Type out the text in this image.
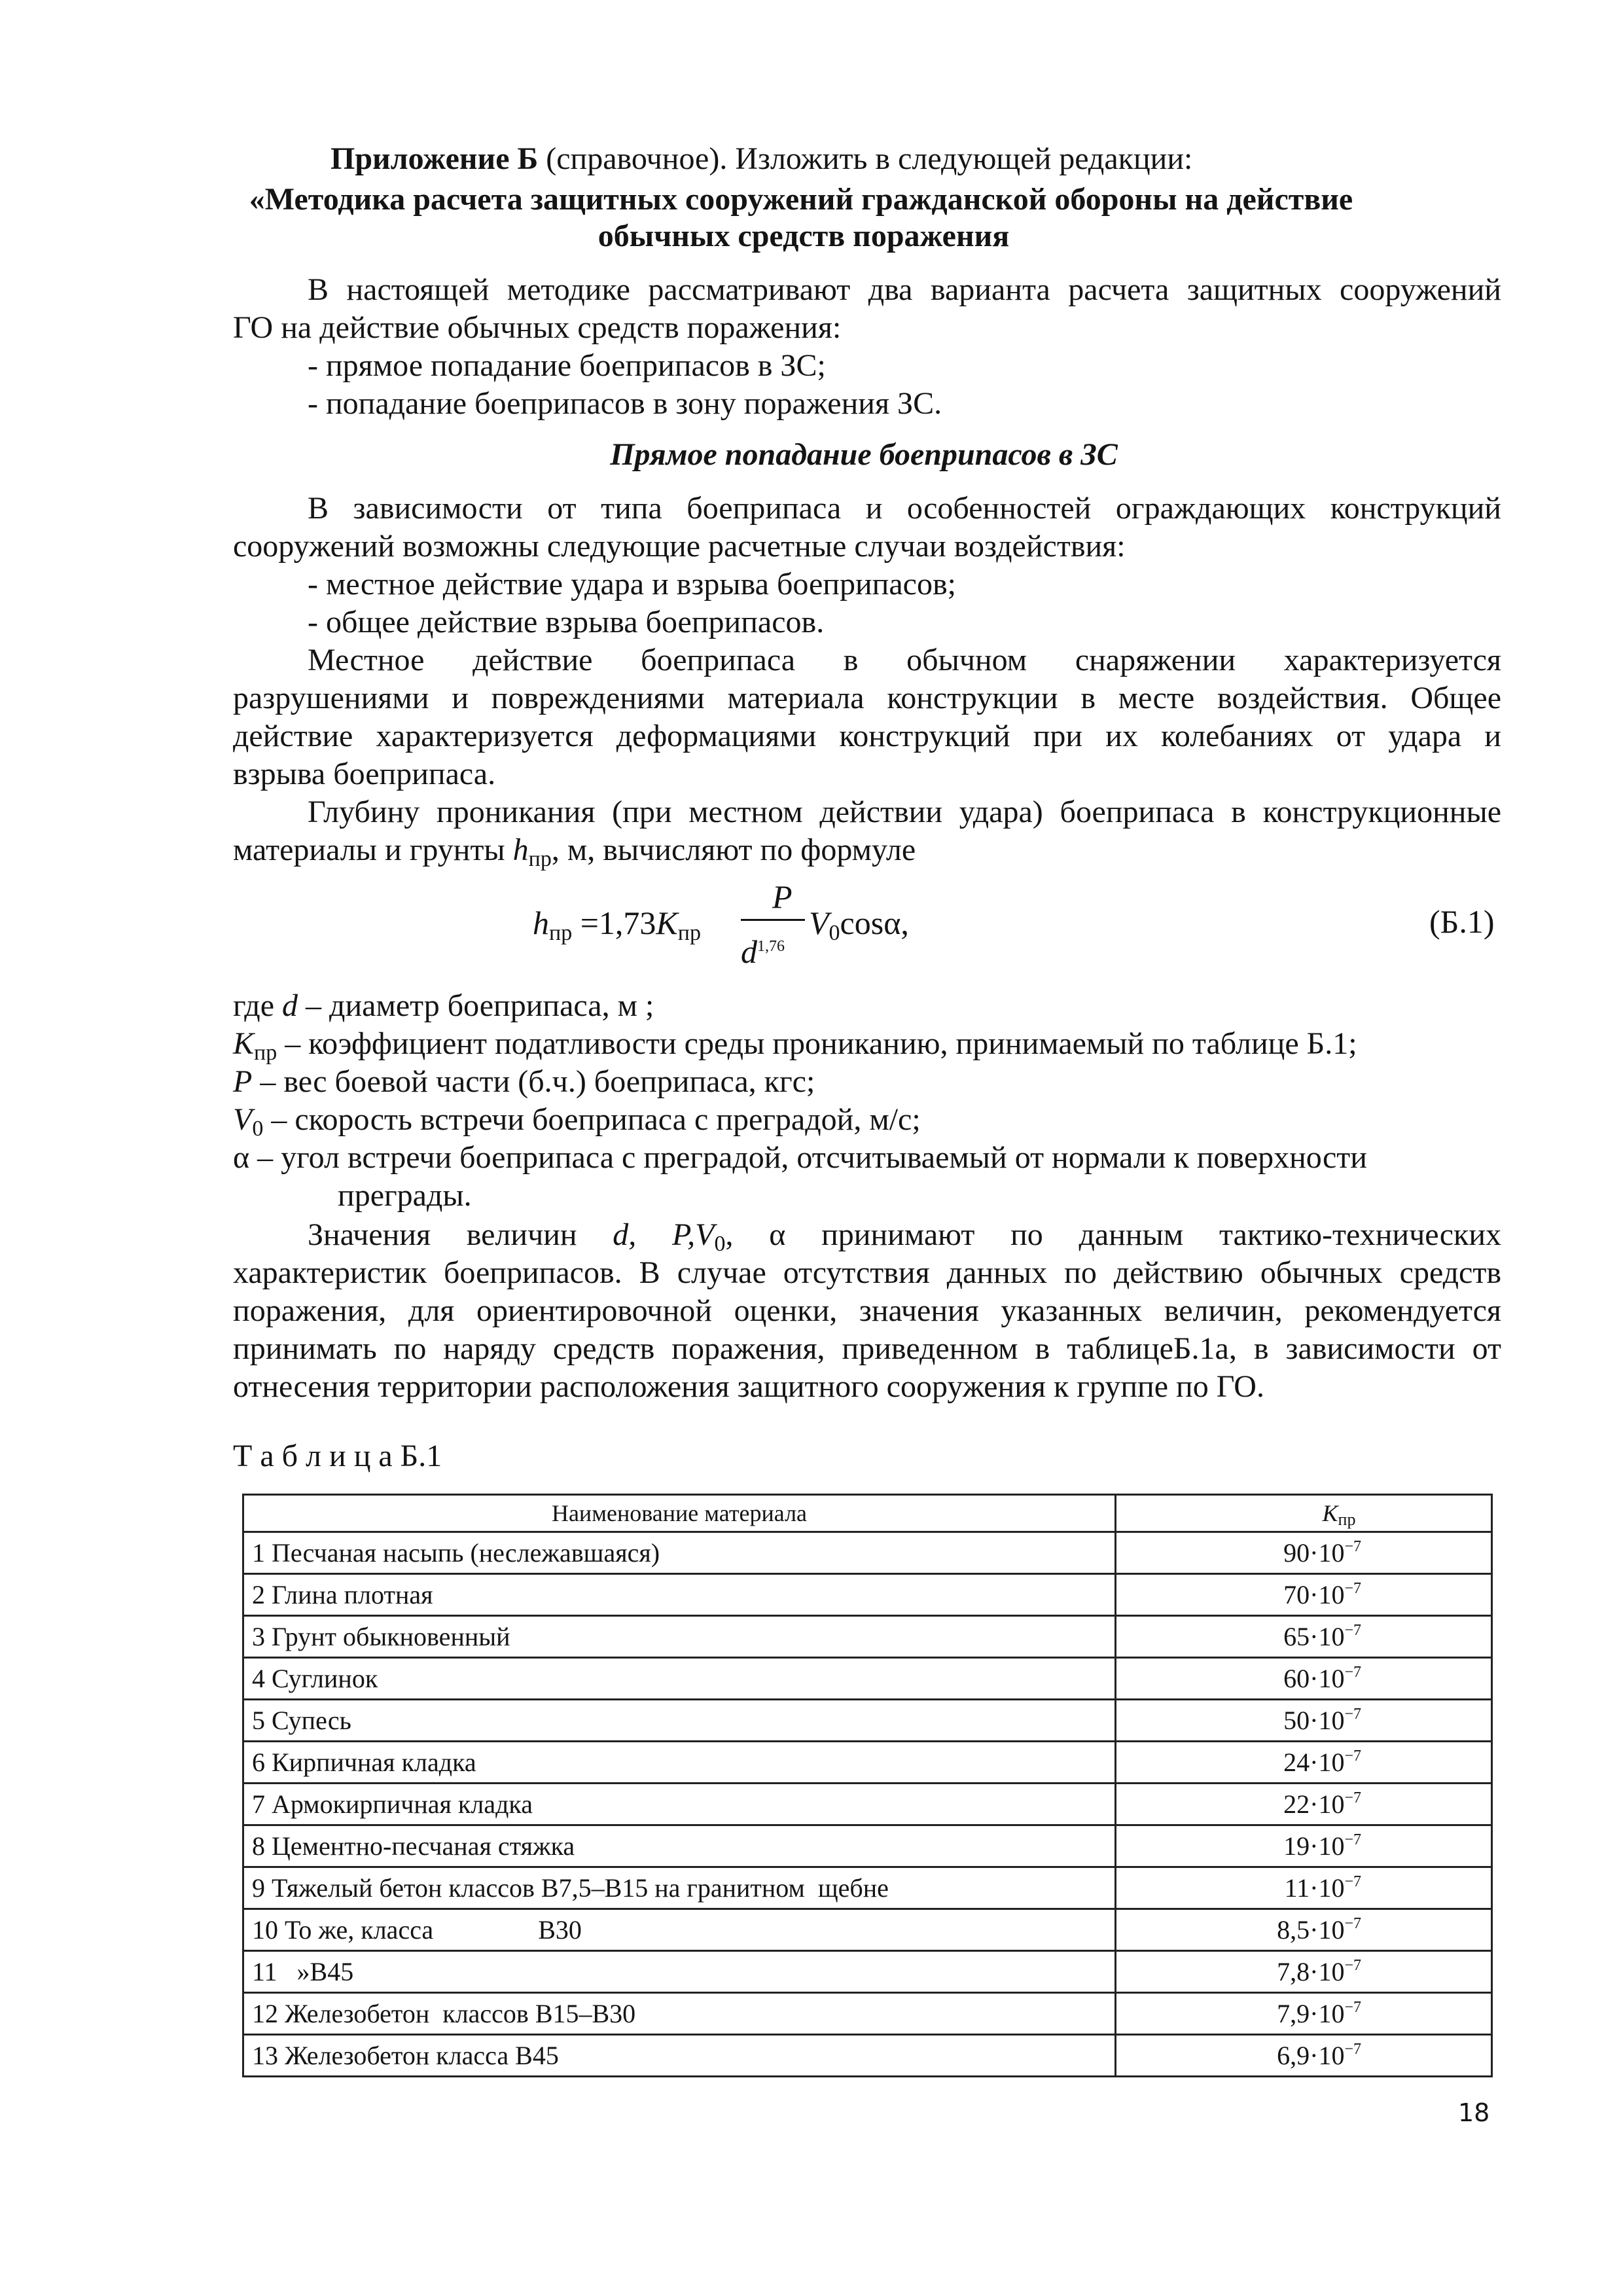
Приложение Б (справочное). Изложить в следующей редакции:
«Методика расчета защитных сооружений гражданской обороны на действие
обычных средств поражения
В настоящей методике рассматривают два варианта расчета защитных сооружений
ГО на действие обычных средств поражения:
- прямое попадание боеприпасов в ЗС;
- попадание боеприпасов в зону поражения ЗС.
Прямое попадание боеприпасов в ЗС
В зависимости от типа боеприпаса и особенностей ограждающих конструкций
сооружений возможны следующие расчетные случаи воздействия:
- местное действие удара и взрыва боеприпасов;
- общее действие взрыва боеприпасов.
Местное действие боеприпаса в обычном снаряжении характеризуется
разрушениями и повреждениями материала конструкции в месте воздействия. Общее
действие характеризуется деформациями конструкций при их колебаниях от удара и
взрыва боеприпаса.
Глубину проникания (при местном действии удара) боеприпаса в конструкционные
материалы и грунты $h_{пр}$, м, вычисляют по формуле
$h_{пр} =1,73K_{пр}$
P
$d^{1,76}$
$V_0\cos\alpha$,	(Б.1)
где d – диаметр боеприпаса, м ;
$K_{пр}$ – коэффициент податливости среды прониканию, принимаемый по таблице Б.1;
P – вес боевой части (б.ч.) боеприпаса, кгс;
$V_0$ – скорость встречи боеприпаса с преградой, м/с;
α – угол встречи боеприпаса с преградой, отсчитываемый от нормали к поверхности
преграды.
Значения величин d, $P,V_0$, α принимают по данным тактико-технических
характеристик боеприпасов. В случае отсутствия данных по действию обычных средств
поражения, для ориентировочной оценки, значения указанных величин, рекомендуется
принимать по наряду средств поражения, приведенном в таблицеБ.1а, в зависимости от
отнесения территории расположения защитного сооружения к группе по ГО.
Т а б л и ц а Б.1
Наименование материала	$K_{пр}$
1 Песчаная насыпь (неслежавшаяся)	$90\cdot 10^{-7}$
2 Глина плотная	$70\cdot 10^{-7}$
3 Грунт обыкновенный	$65\cdot 10^{-7}$
4 Суглинок	$60\cdot 10^{-7}$
5 Супесь	$50\cdot 10^{-7}$
6 Кирпичная кладка	$24\cdot 10^{-7}$
7 Армокирпичная кладка	$22\cdot 10^{-7}$
8 Цементно-песчаная стяжка	$19\cdot 10^{-7}$
9 Тяжелый бетон классов В7,5–В15 на гранитном  щебне	$11\cdot 10^{-7}$
10 То же, класса                В30	$8,5\cdot 10^{-7}$
11   »В45	$7,8\cdot 10^{-7}$
12 Железобетон  классов В15–В30	$7,9\cdot 10^{-7}$
13 Железобетон класса В45	$6,9\cdot 10^{-7}$
18
